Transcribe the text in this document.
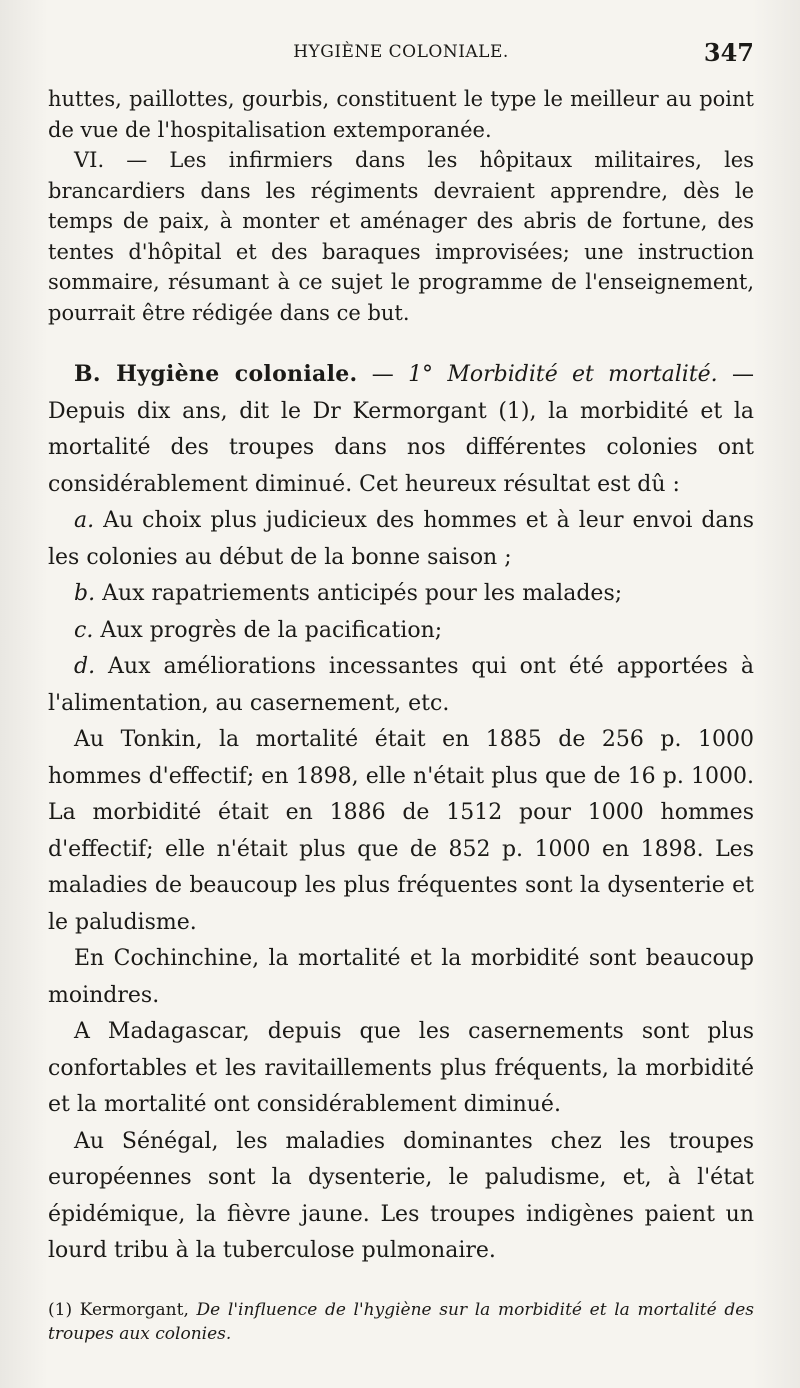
HYGIÈNE COLONIALE.	347

huttes, paillottes, gourbis, constituent le type le meilleur au point de vue de l'hospitalisation extemporanée.

VI. — Les infirmiers dans les hôpitaux militaires, les brancardiers dans les régiments devraient apprendre, dès le temps de paix, à monter et aménager des abris de fortune, des tentes d'hôpital et des baraques improvisées; une instruction sommaire, résumant à ce sujet le programme de l'enseignement, pourrait être rédigée dans ce but.

B. Hygiène coloniale. — 1° Morbidité et mortalité. — Depuis dix ans, dit le Dr Kermorgant (1), la morbidité et la mortalité des troupes dans nos différentes colonies ont considérablement diminué. Cet heureux résultat est dû :

a. Au choix plus judicieux des hommes et à leur envoi dans les colonies au début de la bonne saison ;

b. Aux rapatriements anticipés pour les malades;

c. Aux progrès de la pacification;

d. Aux améliorations incessantes qui ont été apportées à l'alimentation, au casernement, etc.

Au Tonkin, la mortalité était en 1885 de 256 p. 1000 hommes d'effectif; en 1898, elle n'était plus que de 16 p. 1000. La morbidité était en 1886 de 1512 pour 1000 hommes d'effectif; elle n'était plus que de 852 p. 1000 en 1898. Les maladies de beaucoup les plus fréquentes sont la dysenterie et le paludisme.

En Cochinchine, la mortalité et la morbidité sont beaucoup moindres.

A Madagascar, depuis que les casernements sont plus confortables et les ravitaillements plus fréquents, la morbidité et la mortalité ont considérablement diminué.

Au Sénégal, les maladies dominantes chez les troupes européennes sont la dysenterie, le paludisme, et, à l'état épidémique, la fièvre jaune. Les troupes indigènes paient un lourd tribu à la tuberculose pulmonaire.

(1) Kermorgant, De l'influence de l'hygiène sur la morbidité et la mortalité des troupes aux colonies.
